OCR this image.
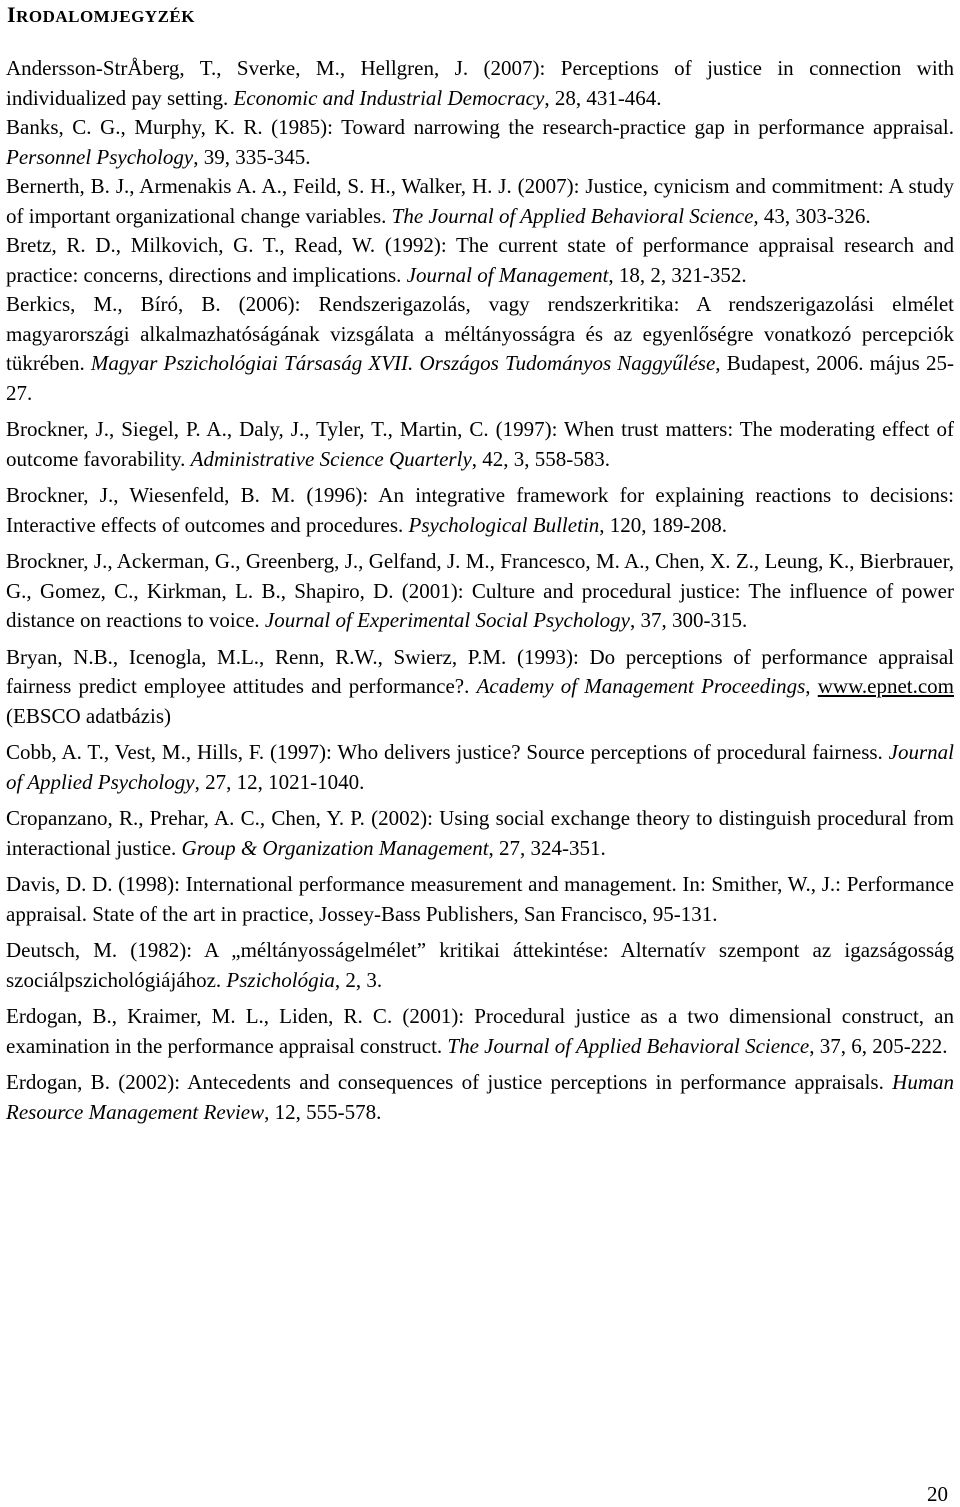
IRODALOMJEGYZÉK
Andersson-StrÅberg, T., Sverke, M., Hellgren, J. (2007): Perceptions of justice in connection with individualized pay setting. Economic and Industrial Democracy, 28, 431-464.
Banks, C. G., Murphy, K. R. (1985): Toward narrowing the research-practice gap in performance appraisal. Personnel Psychology, 39, 335-345.
Bernerth, B. J., Armenakis A. A., Feild, S. H., Walker, H. J. (2007): Justice, cynicism and commitment: A study of important organizational change variables. The Journal of Applied Behavioral Science, 43, 303-326.
Bretz, R. D., Milkovich, G. T., Read, W. (1992): The current state of performance appraisal research and practice: concerns, directions and implications. Journal of Management, 18, 2, 321-352.
Berkics, M., Bíró, B. (2006): Rendszerigazolás, vagy rendszerkritika: A rendszerigazolási elmélet magyarországi alkalmazhatóságának vizsgálata a méltányosságra és az egyenlőségre vonatkozó percepciók tükrében. Magyar Pszichológiai Társaság XVII. Országos Tudományos Naggyűlése, Budapest, 2006. május 25-27.
Brockner, J., Siegel, P. A., Daly, J., Tyler, T., Martin, C. (1997): When trust matters: The moderating effect of outcome favorability. Administrative Science Quarterly, 42, 3, 558-583.
Brockner, J., Wiesenfeld, B. M. (1996): An integrative framework for explaining reactions to decisions: Interactive effects of outcomes and procedures. Psychological Bulletin, 120, 189-208.
Brockner, J., Ackerman, G., Greenberg, J., Gelfand, J. M., Francesco, M. A., Chen, X. Z., Leung, K., Bierbrauer, G., Gomez, C., Kirkman, L. B., Shapiro, D. (2001): Culture and procedural justice: The influence of power distance on reactions to voice. Journal of Experimental Social Psychology, 37, 300-315.
Bryan, N.B., Icenogla, M.L., Renn, R.W., Swierz, P.M. (1993): Do perceptions of performance appraisal fairness predict employee attitudes and performance?. Academy of Management Proceedings, www.epnet.com (EBSCO adatbázis)
Cobb, A. T., Vest, M., Hills, F. (1997): Who delivers justice? Source perceptions of procedural fairness. Journal of Applied Psychology, 27, 12, 1021-1040.
Cropanzano, R., Prehar, A. C., Chen, Y. P. (2002): Using social exchange theory to distinguish procedural from interactional justice. Group & Organization Management, 27, 324-351.
Davis, D. D. (1998): International performance measurement and management. In: Smither, W., J.: Performance appraisal. State of the art in practice, Jossey-Bass Publishers, San Francisco, 95-131.
Deutsch, M. (1982): A „méltányosságelmélet” kritikai áttekintése: Alternatív szempont az igazságosság szociálpszichológiájához. Pszichológia, 2, 3.
Erdogan, B., Kraimer, M. L., Liden, R. C. (2001): Procedural justice as a two dimensional construct, an examination in the performance appraisal construct. The Journal of Applied Behavioral Science, 37, 6, 205-222.
Erdogan, B. (2002): Antecedents and consequences of justice perceptions in performance appraisals. Human Resource Management Review, 12, 555-578.
20
